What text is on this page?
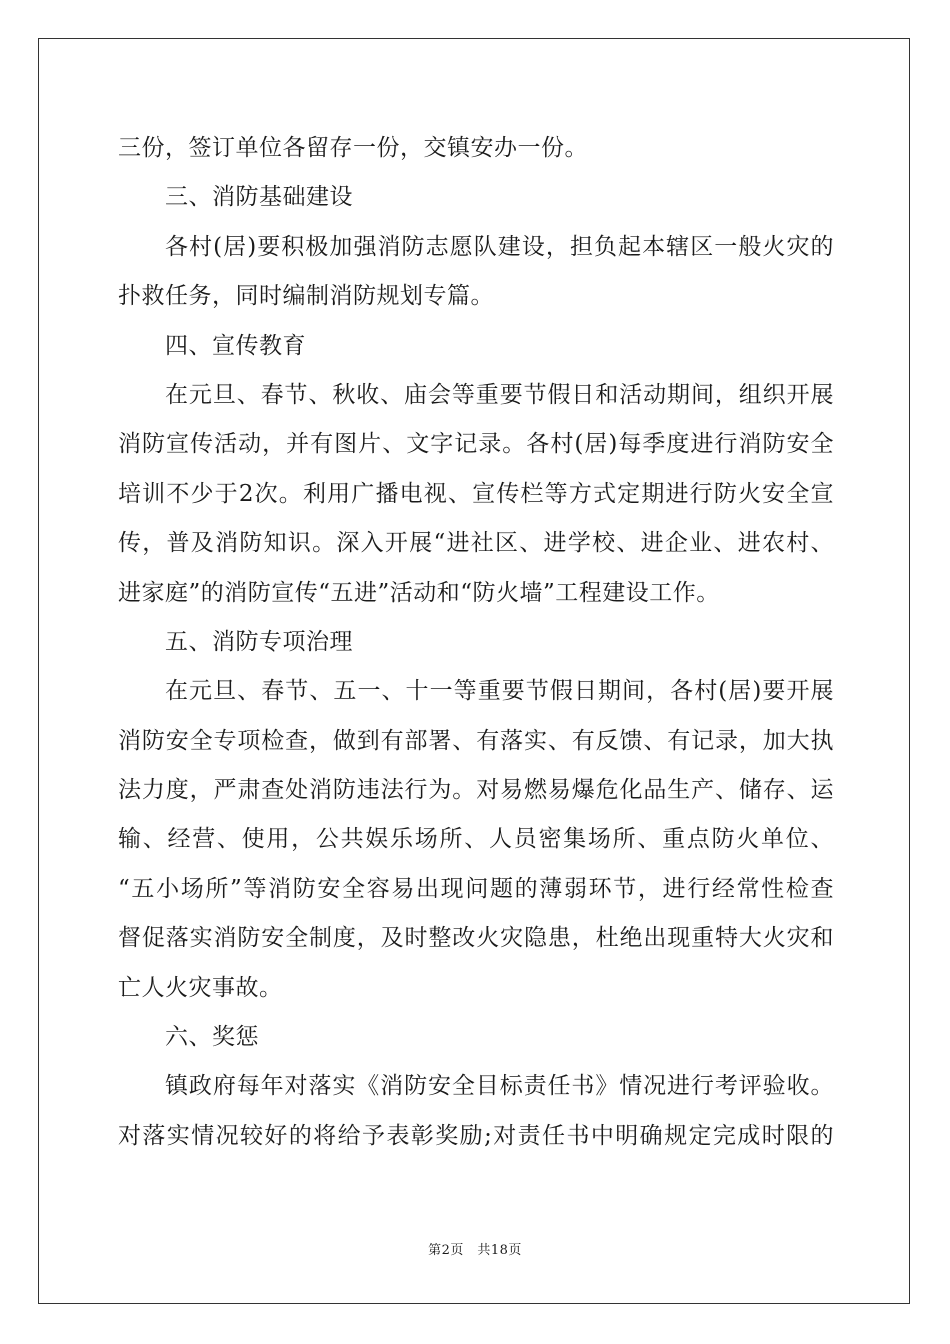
三份，签订单位各留存一份，交镇安办一份。
三、消防基础建设
各村(居)要积极加强消防志愿队建设，担负起本辖区一般火灾的
扑救任务，同时编制消防规划专篇。
四、宣传教育
在元旦、春节、秋收、庙会等重要节假日和活动期间，组织开展
消防宣传活动，并有图片、文字记录。各村(居)每季度进行消防安全
培训不少于2次。利用广播电视、宣传栏等方式定期进行防火安全宣
传，普及消防知识。深入开展“进社区、进学校、进企业、进农村、
进家庭”的消防宣传“五进”活动和“防火墙”工程建设工作。
五、消防专项治理
在元旦、春节、五一、十一等重要节假日期间，各村(居)要开展
消防安全专项检查，做到有部署、有落实、有反馈、有记录，加大执
法力度，严肃查处消防违法行为。对易燃易爆危化品生产、储存、运
输、经营、使用，公共娱乐场所、人员密集场所、重点防火单位、
“五小场所”等消防安全容易出现问题的薄弱环节，进行经常性检查
督促落实消防安全制度，及时整改火灾隐患，杜绝出现重特大火灾和
亡人火灾事故。
六、奖惩
镇政府每年对落实《消防安全目标责任书》情况进行考评验收。
对落实情况较好的将给予表彰奖励;对责任书中明确规定完成时限的
第2页　共18页
